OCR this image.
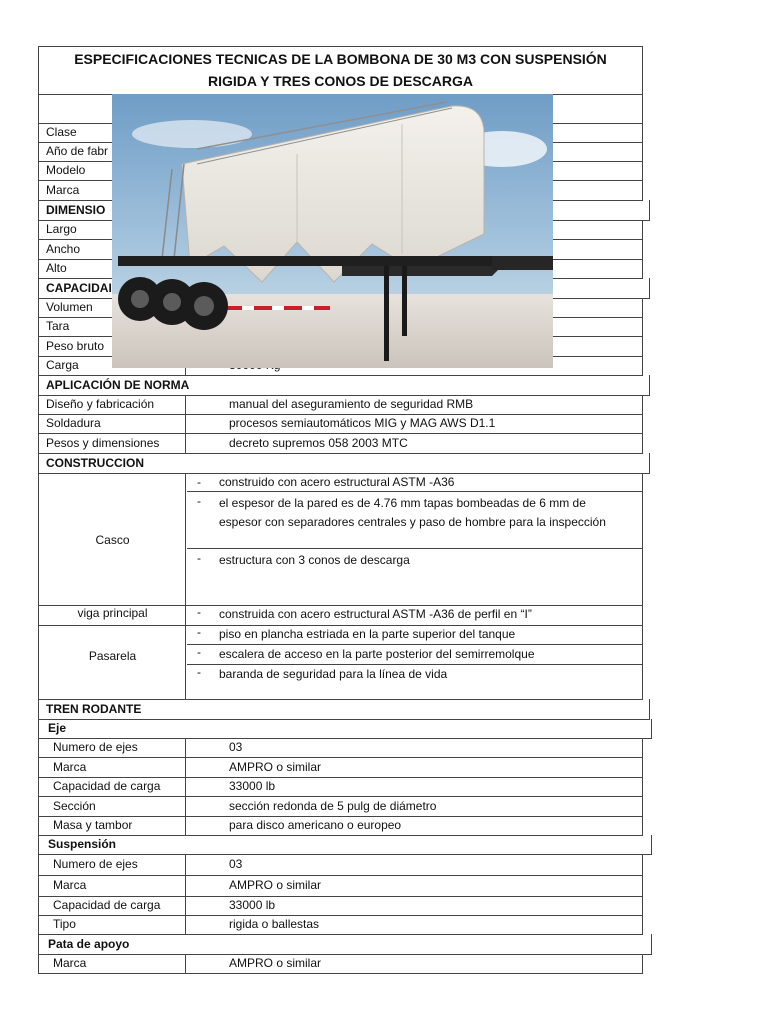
ESPECIFICACIONES TECNICAS DE LA BOMBONA DE 30 M3 CON SUSPENSIÓN
RIGIDA Y TRES CONOS DE DESCARGA
Clase
Año de fabr
Modelo
Marca
DIMENSIO
Largo
Ancho
Alto
CAPACIDAI
Volumen
Tara
Peso bruto
Carga
APLICACIÓN DE NORMA
Diseño y fabricación	manual del aseguramiento de seguridad RMB
Soldadura	procesos semiautomáticos MIG y MAG AWS D1.1
Pesos y dimensiones	decreto supremos 058 2003 MTC
CONSTRUCCION
Casco
- construido con acero estructural ASTM -A36
- el espesor de la pared es de 4.76 mm tapas bombeadas de 6 mm de
espesor con separadores centrales y paso de hombre para la inspección
- estructura con 3 conos de descarga
viga principal	- construida con acero estructural ASTM -A36 de perfil en “I”
Pasarela
- piso en plancha estriada en la parte superior del tanque
- escalera de acceso en la parte posterior del semirremolque
- baranda de seguridad para la línea de vida
TREN RODANTE
Eje
Numero de ejes	03
Marca	AMPRO o similar
Capacidad de carga	33000 lb
Sección	sección redonda de 5 pulg de diámetro
Masa y tambor	para disco americano o europeo
Suspensión
Numero de ejes	03
Marca	AMPRO o similar
Capacidad de carga	33000 lb
Tipo	rigida o ballestas
Pata de apoyo
Marca	AMPRO o similar
